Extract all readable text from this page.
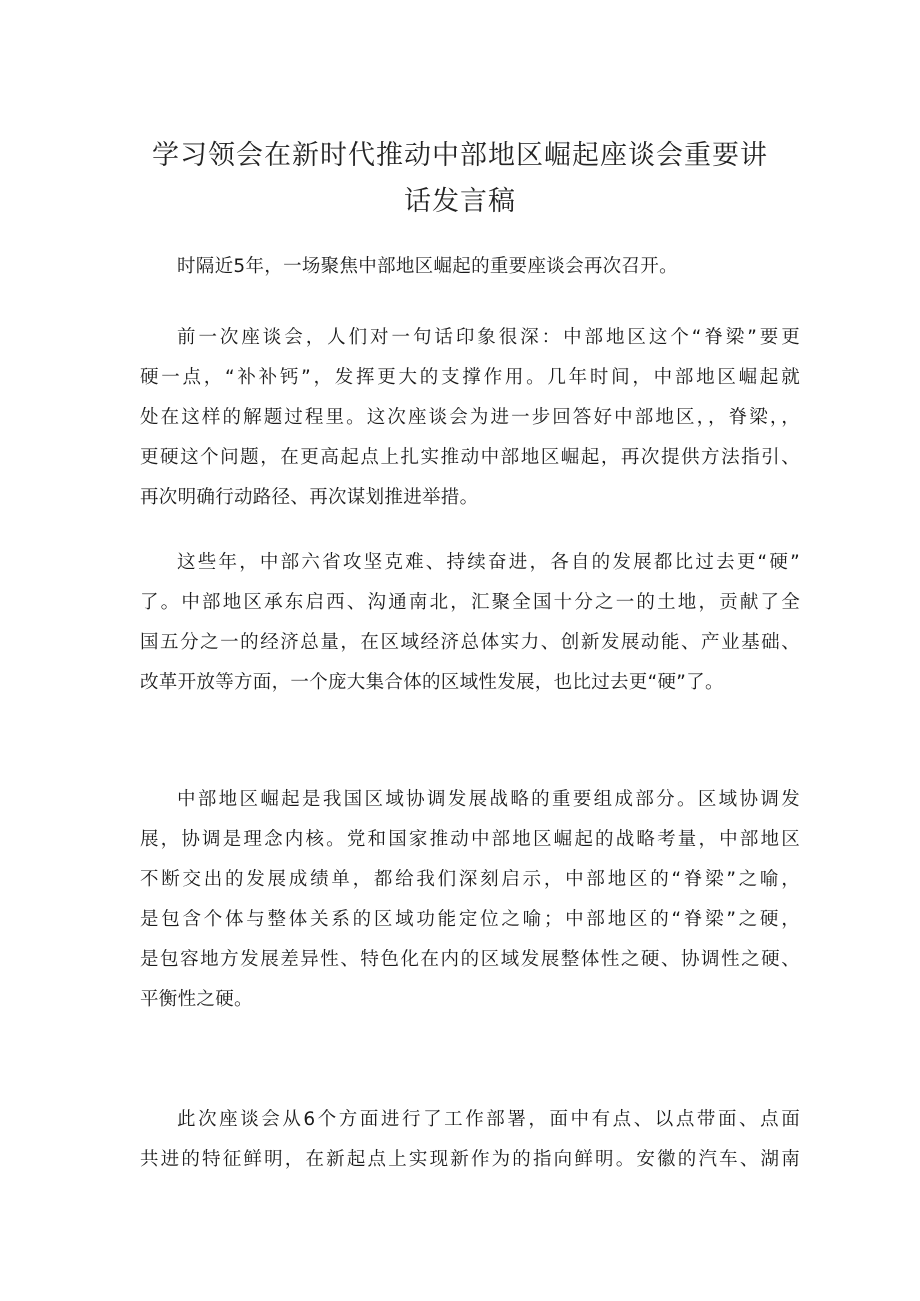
学习领会在新时代推动中部地区崛起座谈会重要讲
话发言稿
时隔近5年，一场聚焦中部地区崛起的重要座谈会再次召开。
前一次座谈会，人们对一句话印象很深：中部地区这个“脊梁”要更
硬一点，“补补钙”，发挥更大的支撑作用。几年时间，中部地区崛起就
处在这样的解题过程里。这次座谈会为进一步回答好中部地区，，脊梁，，
更硬这个问题，在更高起点上扎实推动中部地区崛起，再次提供方法指引、
再次明确行动路径、再次谋划推进举措。
这些年，中部六省攻坚克难、持续奋进，各自的发展都比过去更“硬”
了。中部地区承东启西、沟通南北，汇聚全国十分之一的土地，贡献了全
国五分之一的经济总量，在区域经济总体实力、创新发展动能、产业基础、
改革开放等方面，一个庞大集合体的区域性发展，也比过去更“硬”了。
中部地区崛起是我国区域协调发展战略的重要组成部分。区域协调发
展，协调是理念内核。党和国家推动中部地区崛起的战略考量，中部地区
不断交出的发展成绩单，都给我们深刻启示，中部地区的“脊梁”之喻，
是包含个体与整体关系的区域功能定位之喻；中部地区的“脊梁”之硬，
是包容地方发展差异性、特色化在内的区域发展整体性之硬、协调性之硬、
平衡性之硬。
此次座谈会从6个方面进行了工作部署，面中有点、以点带面、点面
共进的特征鲜明，在新起点上实现新作为的指向鲜明。安徽的汽车、湖南
